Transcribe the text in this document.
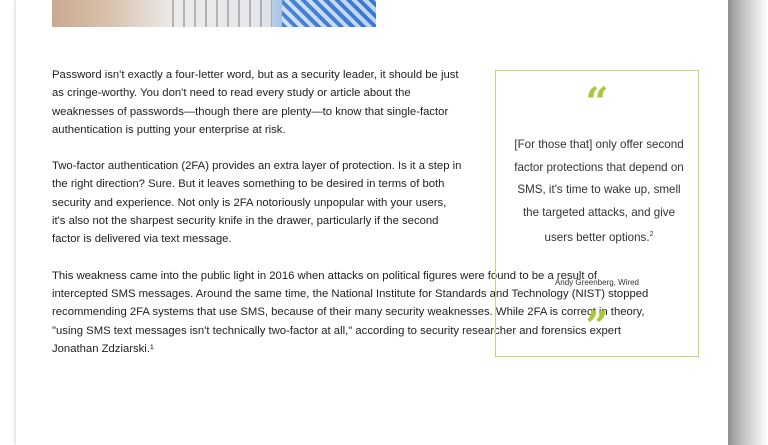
Password isn't exactly a four-letter word, but as a security leader, it should be just as cringe-worthy. You don't need to read every study or article about the weaknesses of passwords—though there are plenty—to know that single-factor authentication is putting your enterprise at risk.

Two-factor authentication (2FA) provides an extra layer of protection. Is it a step in the right direction? Sure. But it leaves something to be desired in terms of both security and experience. Not only is 2FA notoriously unpopular with your users, it's also not the sharpest security knife in the drawer, particularly if the second factor is delivered via text message.

This weakness came into the public light in 2016 when attacks on political figures were found to be a result of intercepted SMS messages. Around the same time, the National Institute for Standards and Technology (NIST) stopped recommending 2FA systems that use SMS, because of their many security weaknesses. While 2FA is correct in theory, "using SMS text messages isn't technically two-factor at all," according to security researcher and forensics expert Jonathan Zdziarski.¹

“
[For those that] only offer second factor protections that depend on SMS, it's time to wake up, smell the targeted attacks, and give users better options.$^2$
Andy Greenberg, Wired
”
